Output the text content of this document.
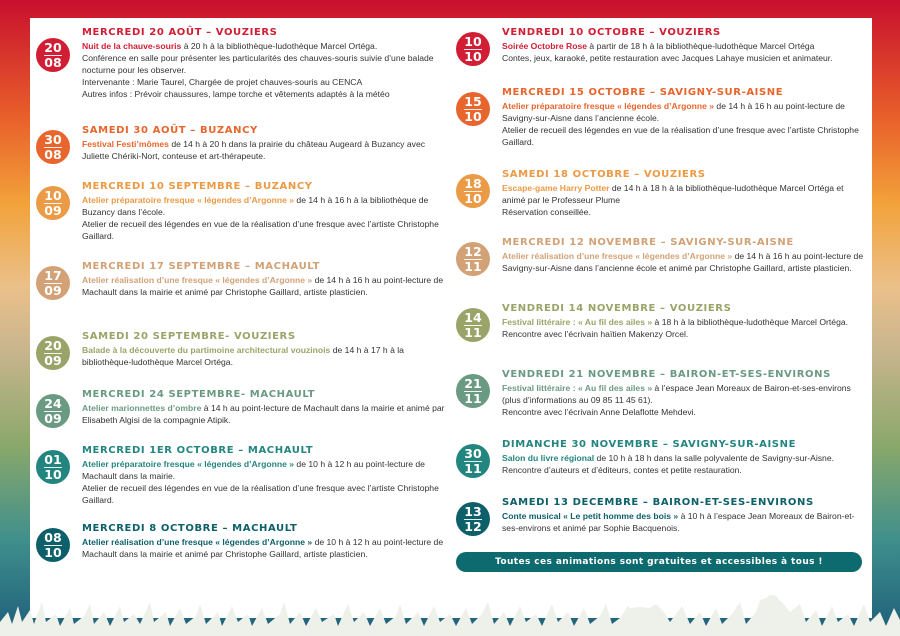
20
08
MERCREDI 20 AOÛT – VOUZIERS
Nuit de la chauve-souris à 20 h à la bibliothèque-ludothèque Marcel Ortéga.
Conférence en salle pour présenter les particularités des chauves-souris suivie d’une balade nocturne pour les observer.
Intervenante : Marie Taurel, Chargée de projet chauves-souris au CENCA
Autres infos : Prévoir chaussures, lampe torche et vêtements adaptés à la météo
30
08
SAMEDI 30 AOÛT – BUZANCY
Festival Festi’mômes de 14 h à 20 h dans la prairie du château Augeard à Buzancy avec Juliette Chériki-Nort, conteuse et art-thérapeute.
10
09
MERCREDI 10 SEPTEMBRE – BUZANCY
Atelier préparatoire fresque « légendes d’Argonne » de 14 h à 16 h à la bibliothèque de Buzancy dans l’école.
Atelier de recueil des légendes en vue de la réalisation d’une fresque avec l’artiste Christophe Gaillard.
17
09
MERCREDI 17 SEPTEMBRE – MACHAULT
Atelier réalisation d’une fresque « légendes d’Argonne » de 14 h à 16 h au point-lecture de Machault dans la mairie et animé par Christophe Gaillard, artiste plasticien.
20
09
SAMEDI 20 SEPTEMBRE- VOUZIERS
Balade à la découverte du partimoine architectural vouzinois de 14 h à 17 h à la bibliothèque-ludothèque Marcel Ortéga.
24
09
MERCREDI 24 SEPTEMBRE- MACHAULT
Atelier marionnettes d’ombre à 14 h au point-lecture de Machault dans la mairie et animé par Elisabeth Algisi de la compagnie Atipik.
01
10
MERCREDI 1ER OCTOBRE – MACHAULT
Atelier préparatoire fresque « légendes d’Argonne » de 10 h à 12 h au point-lecture de Machault dans la mairie.
Atelier de recueil des légendes en vue de la réalisation d’une fresque avec l’artiste Christophe Gaillard.
08
10
MERCREDI 8 OCTOBRE – MACHAULT
Atelier réalisation d’une fresque « légendes d’Argonne » de 10 h à 12 h au point-lecture de Machault dans la mairie et animé par Christophe Gaillard, artiste plasticien.
10
10
VENDREDI 10 OCTOBRE – VOUZIERS
Soirée Octobre Rose à partir de 18 h à la bibliothèque-ludothèque Marcel Ortéga
Contes, jeux, karaoké, petite restauration avec Jacques Lahaye musicien et animateur.
15
10
MERCREDI 15 OCTOBRE – SAVIGNY-SUR-AISNE
Atelier préparatoire fresque « légendes d’Argonne » de 14 h à 16 h au point-lecture de Savigny-sur-Aisne dans l’ancienne école.
Atelier de recueil des légendes en vue de la réalisation d’une fresque avec l’artiste Christophe Gaillard.
18
10
SAMEDI 18 OCTOBRE – VOUZIERS
Escape-game Harry Potter de 14 h à 18 h à la bibliothèque-ludothèque Marcel Ortéga et animé par le Professeur Plume
Réservation conseillée.
12
11
MERCREDI 12 NOVEMBRE – SAVIGNY-SUR-AISNE
Atelier réalisation d’une fresque « légendes d’Argonne » de 14 h à 16 h au point-lecture de Savigny-sur-Aisne dans l’ancienne école et animé par Christophe Gaillard, artiste plasticien.
14
11
VENDREDI 14 NOVEMBRE – VOUZIERS
Festival littéraire : « Au fil des ailes » à 18 h à la bibliothèque-ludothèque Marcel Ortéga.
Rencontre avec l’écrivain haïtien Makenzy Orcel.
21
11
VENDREDI 21 NOVEMBRE – BAIRON-ET-SES-ENVIRONS
Festival littéraire : « Au fil des ailes » à l’espace Jean Moreaux de Bairon-et-ses-environs (plus d’informations au 09 85 11 45 61).
Rencontre avec l’écrivain Anne Delaflotte Mehdevi.
30
11
DIMANCHE 30 NOVEMBRE – SAVIGNY-SUR-AISNE
Salon du livre régional de 10 h à 18 h dans la salle polyvalente de Savigny-sur-Aisne. Rencontre d’auteurs et d’éditeurs, contes et petite restauration.
13
12
SAMEDI 13 DECEMBRE – BAIRON-ET-SES-ENVIRONS
Conte musical « Le petit homme des bois » à 10 h à l’espace Jean Moreaux de Bairon-et-ses-environs et animé par Sophie Bacquenois.
Toutes ces animations sont gratuites et accessibles à tous !
